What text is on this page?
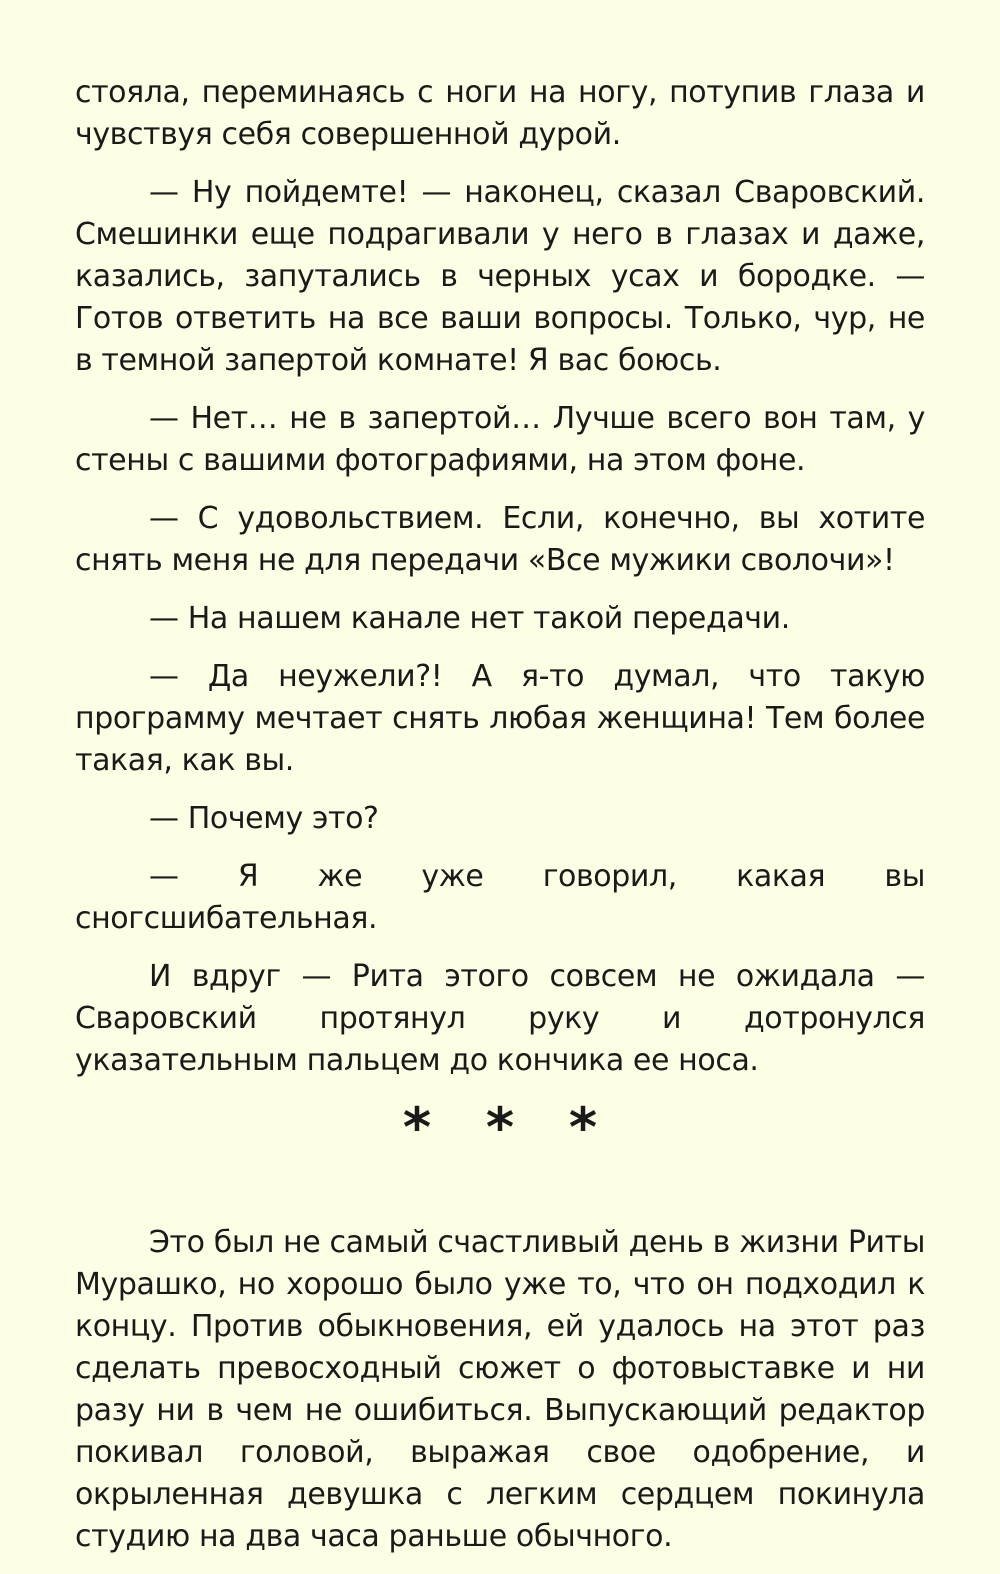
стояла, переминаясь с ноги на ногу, потупив глаза и чувствуя себя совершенной дурой.

— Ну пойдемте! — наконец, сказал Сваровский. Смешинки еще подрагивали у него в глазах и даже, казались, запутались в черных усах и бородке. — Готов ответить на все ваши вопросы. Только, чур, не в темной запертой комнате! Я вас боюсь.

— Нет… не в запертой… Лучше всего вон там, у стены с вашими фотографиями, на этом фоне.

— С удовольствием. Если, конечно, вы хотите снять меня не для передачи «Все мужики сволочи»!

— На нашем канале нет такой передачи.

— Да неужели?! А я-то думал, что такую программу мечтает снять любая женщина! Тем более такая, как вы.

— Почему это?

— Я же уже говорил, какая вы сногсшибательная.

И вдруг — Рита этого совсем не ожидала — Сваровский протянул руку и дотронулся указательным пальцем до кончика ее носа.

* * *

Это был не самый счастливый день в жизни Риты Мурашко, но хорошо было уже то, что он подходил к концу. Против обыкновения, ей удалось на этот раз сделать превосходный сюжет о фотовыставке и ни разу ни в чем не ошибиться. Выпускающий редактор покивал головой, выражая свое одобрение, и окрыленная девушка с легким сердцем покинула студию на два часа раньше обычного.
